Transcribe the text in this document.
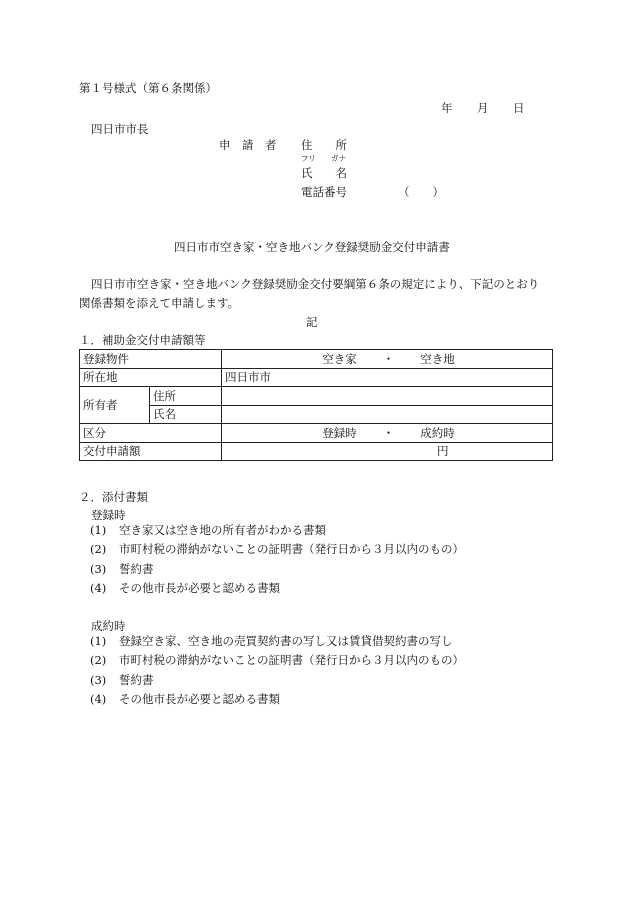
第１号様式（第６条関係）
年 月 日
四日市市長
申　請　者 住　　所
フリ ガナ
氏　　名
電話番号	（　　）
四日市市空き家・空き地バンク登録奨励金交付申請書
四日市市空き家・空き地バンク登録奨励金交付要綱第６条の規定により、下記のとおり
関係書類を添えて申請します。
記
１．補助金交付申請額等
登録物件		空き家 ・ 空き地
所在地		四日市市
所有者	住所	
	氏名	
区分		登録時 ・ 成約時
交付申請額		円
２．添付書類
登録時
(1) 空き家又は空き地の所有者がわかる書類
(2) 市町村税の滞納がないことの証明書（発行日から３月以内のもの）
(3) 誓約書
(4) その他市長が必要と認める書類
成約時
(1) 登録空き家、空き地の売買契約書の写し又は賃貸借契約書の写し
(2) 市町村税の滞納がないことの証明書（発行日から３月以内のもの）
(3) 誓約書
(4) その他市長が必要と認める書類
